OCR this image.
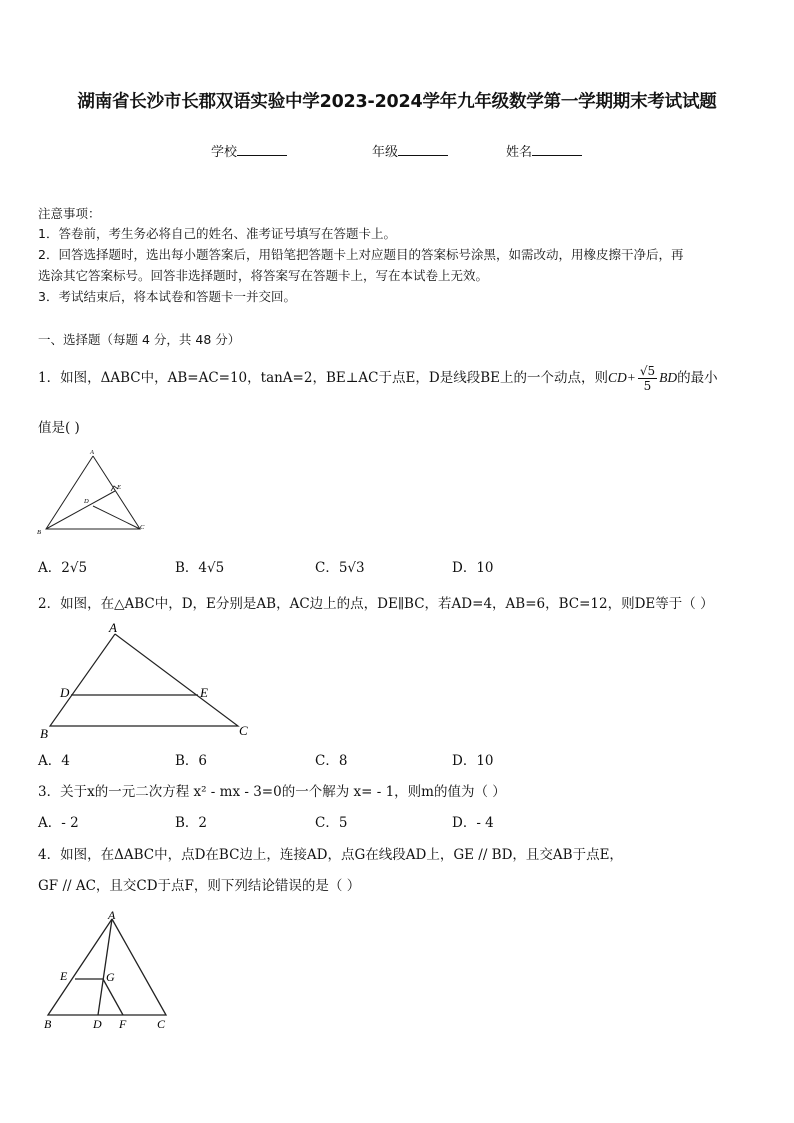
湖南省长沙市长郡双语实验中学2023-2024学年九年级数学第一学期期末考试试题
学校	年级	姓名
注意事项：
1．答卷前，考生务必将自己的姓名、准考证号填写在答题卡上。
2．回答选择题时，选出每小题答案后，用铅笔把答题卡上对应题目的答案标号涂黑，如需改动，用橡皮擦干净后，再
选涂其它答案标号。回答非选择题时，将答案写在答题卡上，写在本试卷上无效。
3．考试结束后，将本试卷和答题卡一并交回。
一、选择题（每题 4 分，共 48 分）
1．如图，ΔABC中，AB=AC=10，tanA=2，BE⊥AC于点E，D是线段BE上的一个动点，则$CD+ \frac{√5}{5}$ BD的最小
值是( )
A
B
C
D
E
A．2√5	B．4√5	C．5√3	D．10
2．如图，在△ABC中，D，E分别是AB，AC边上的点，DE∥BC，若AD=4，AB=6，BC=12，则DE等于（ ）
A
B	C
D	E
A．4	B．6	C．8	D．10
3．关于x的一元二次方程 x² - mx - 3=0的一个解为 x= - 1，则m的值为（ ）
A．- 2	B．2	C．5	D．- 4
4．如图，在ΔABC中，点D在BC边上，连接AD，点G在线段AD上，GE // BD，且交AB于点E，
GF // AC，且交CD于点F，则下列结论错误的是（ ）
A
B	C
D
E
F
G
